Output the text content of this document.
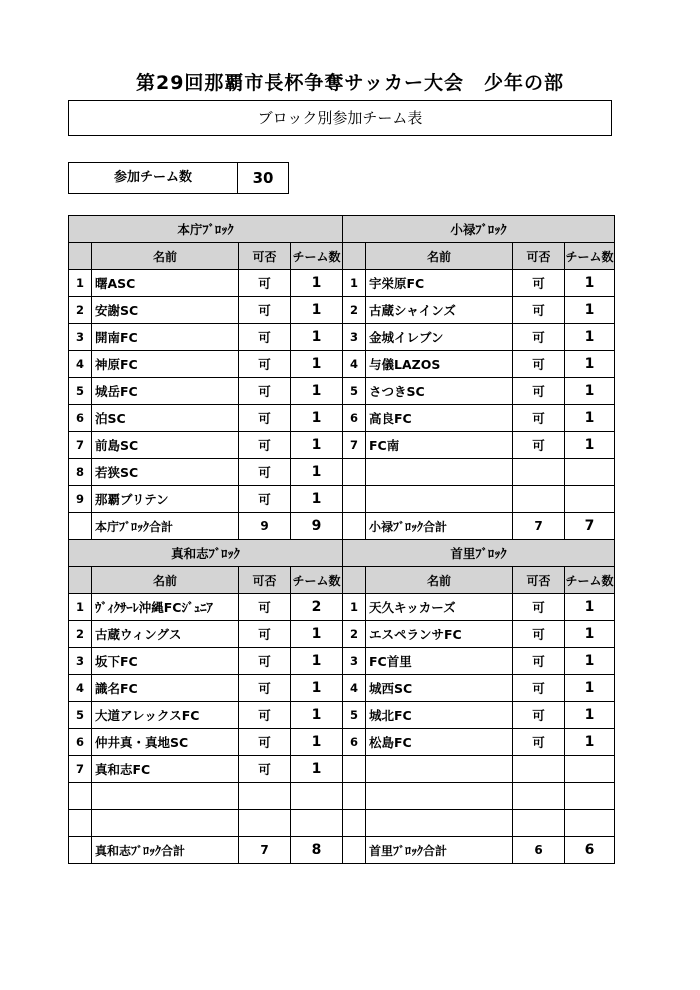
第29回那覇市長杯争奪サッカー大会　少年の部
ブロック別参加チーム表
参加チーム数	30
本庁ﾌﾞﾛｯｸ				小禄ﾌﾞﾛｯｸ			
	名前	可否	チーム数		名前	可否	チーム数
1	曙ASC	可	1	1	宇栄原FC	可	1
2	安謝SC	可	1	2	古蔵シャインズ	可	1
3	開南FC	可	1	3	金城イレブン	可	1
4	神原FC	可	1	4	与儀LAZOS	可	1
5	城岳FC	可	1	5	さつきSC	可	1
6	泊SC	可	1	6	高良FC	可	1
7	前島SC	可	1	7	FC南	可	1
8	若狭SC	可	1				
9	那覇ブリテン	可	1				
	本庁ﾌﾞﾛｯｸ合計	9	9		小禄ﾌﾞﾛｯｸ合計	7	7
真和志ﾌﾞﾛｯｸ				首里ﾌﾞﾛｯｸ			
	名前	可否	チーム数		名前	可否	チーム数
1	ｳﾞｨｸｻｰﾚ沖縄FCｼﾞｭﾆｱ	可	2	1	天久キッカーズ	可	1
2	古蔵ウィングス	可	1	2	エスペランサFC	可	1
3	坂下FC	可	1	3	FC首里	可	1
4	識名FC	可	1	4	城西SC	可	1
5	大道アレックスFC	可	1	5	城北FC	可	1
6	仲井真・真地SC	可	1	6	松島FC	可	1
7	真和志FC	可	1				

	真和志ﾌﾞﾛｯｸ合計	7	8		首里ﾌﾞﾛｯｸ合計	6	6
